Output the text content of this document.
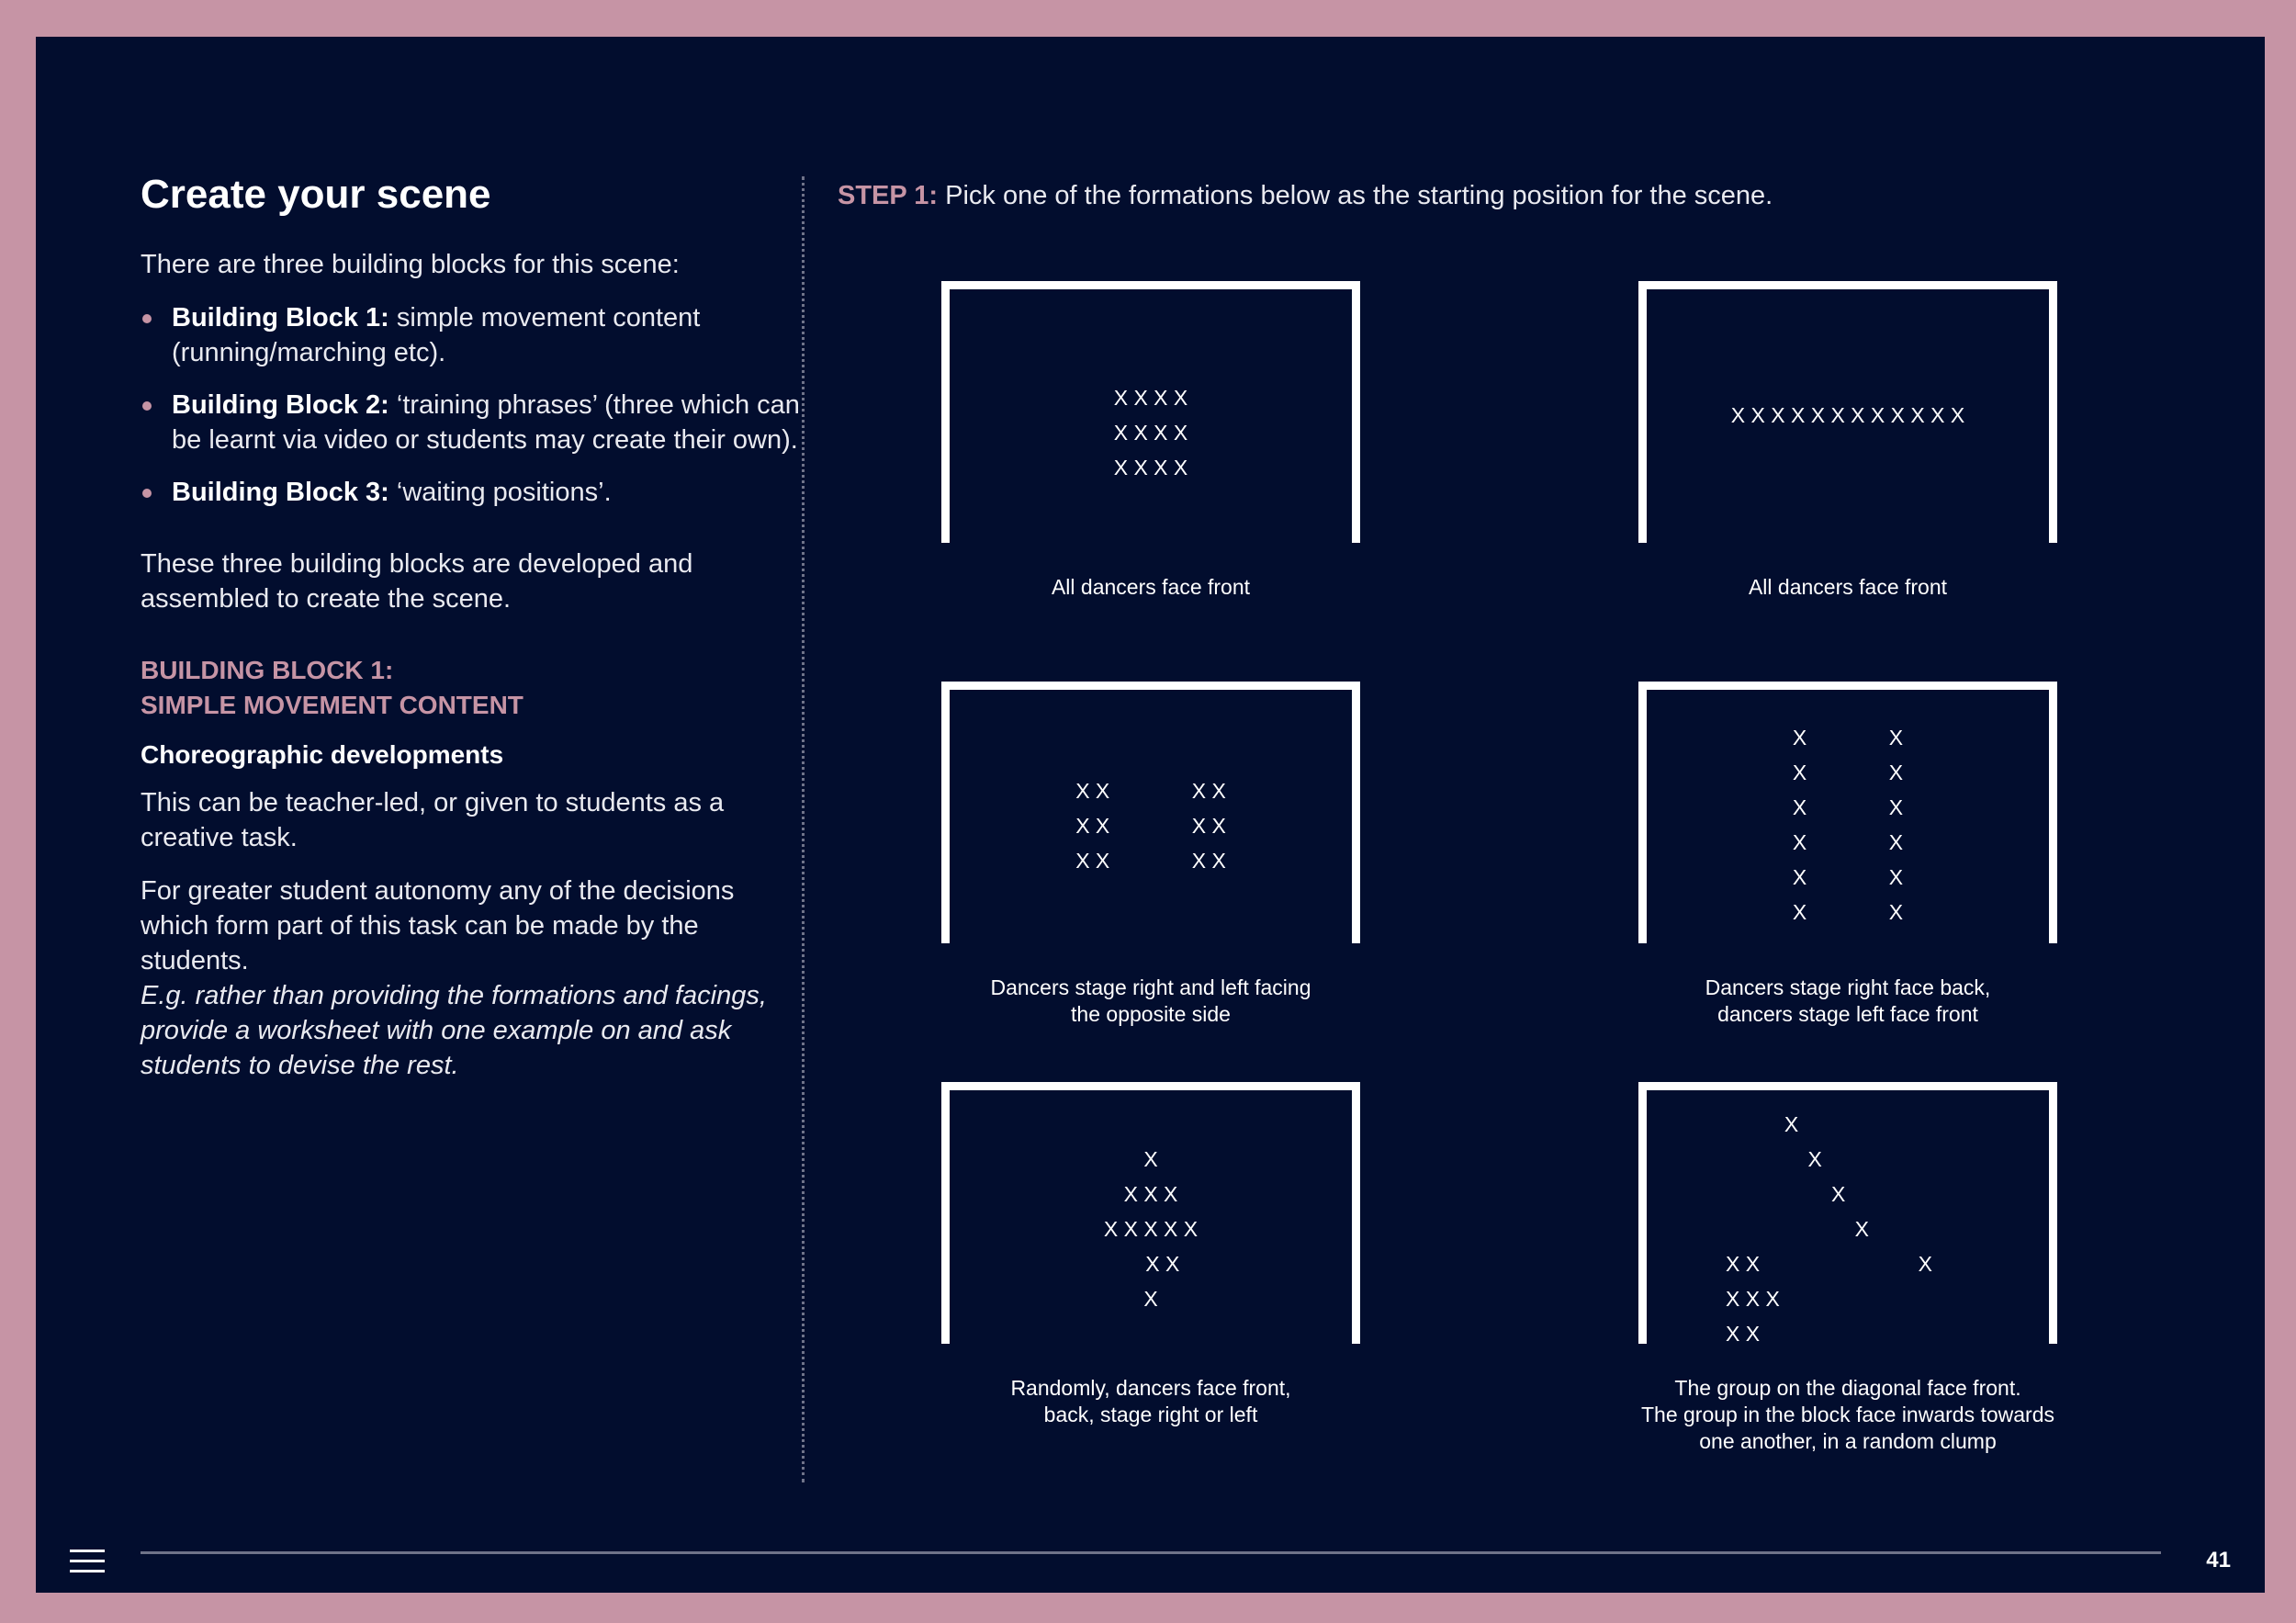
Create your scene

There are three building blocks for this scene:

Building Block 1: simple movement content (running/marching etc).
Building Block 2: ‘training phrases’ (three which can be learnt via video or students may create their own).
Building Block 3: ‘waiting positions’.

These three building blocks are developed and assembled to create the scene.

BUILDING BLOCK 1:
SIMPLE MOVEMENT CONTENT
Choreographic developments

This can be teacher-led, or given to students as a creative task.

For greater student autonomy any of the decisions which form part of this task can be made by the students.
E.g. rather than providing the formations and facings, provide a worksheet with one example on and ask students to devise the rest.

STEP 1: Pick one of the formations below as the starting position for the scene.
X X X X
X X X X
X X X X
All dancers face front
X X X X X X X X X X X X
All dancers face front
X X              X X
X X              X X
X X              X X
Dancers stage right and left facing
the opposite side
X              X
X              X
X              X
X              X
X              X
X              X
Dancers stage right face back,
dancers stage left face front
X
X X X
X X X X X
X X
X
Randomly, dancers face front,
back, stage right or left
X
X
X
X
X X                           X
X X X
X X
The group on the diagonal face front.
The group in the block face inwards towards
one another, in a random clump
41
